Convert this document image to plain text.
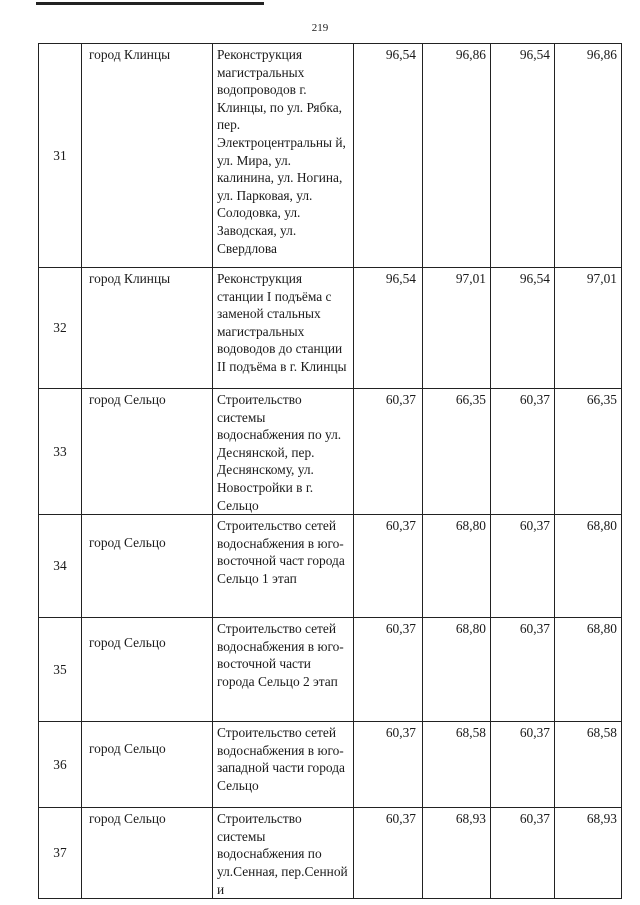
219
31	город Клинцы	Реконструкция магистральных водопроводов г. Клинцы, по ул. Рябка, пер. Электроцентральны й, ул. Мира, ул. калинина, ул. Ногина, ул. Парковая, ул. Солодовка, ул. Заводская, ул. Свердлова	96,54	96,86	96,54	96,86
32	город Клинцы	Реконструкция станции I подъёма с заменой стальных магистральных водоводов до станции II подъёма в г. Клинцы	96,54	97,01	96,54	97,01
33	город Сельцо	Строительство системы водоснабжения по ул. Деснянской, пер. Деснянскому, ул. Новостройки в г. Сельцо	60,37	66,35	60,37	66,35
34	город Сельцо	Строительство сетей водоснабжения в юго-восточной част города Сельцо 1 этап	60,37	68,80	60,37	68,80
35	город Сельцо	Строительство сетей водоснабжения в юго-восточной части города Сельцо 2 этап	60,37	68,80	60,37	68,80
36	город Сельцо	Строительство сетей водоснабжения в юго-западной части города Сельцо	60,37	68,58	60,37	68,58
37	город Сельцо	Строительство системы водоснабжения по ул.Сенная, пер.Сенной и	60,37	68,93	60,37	68,93
